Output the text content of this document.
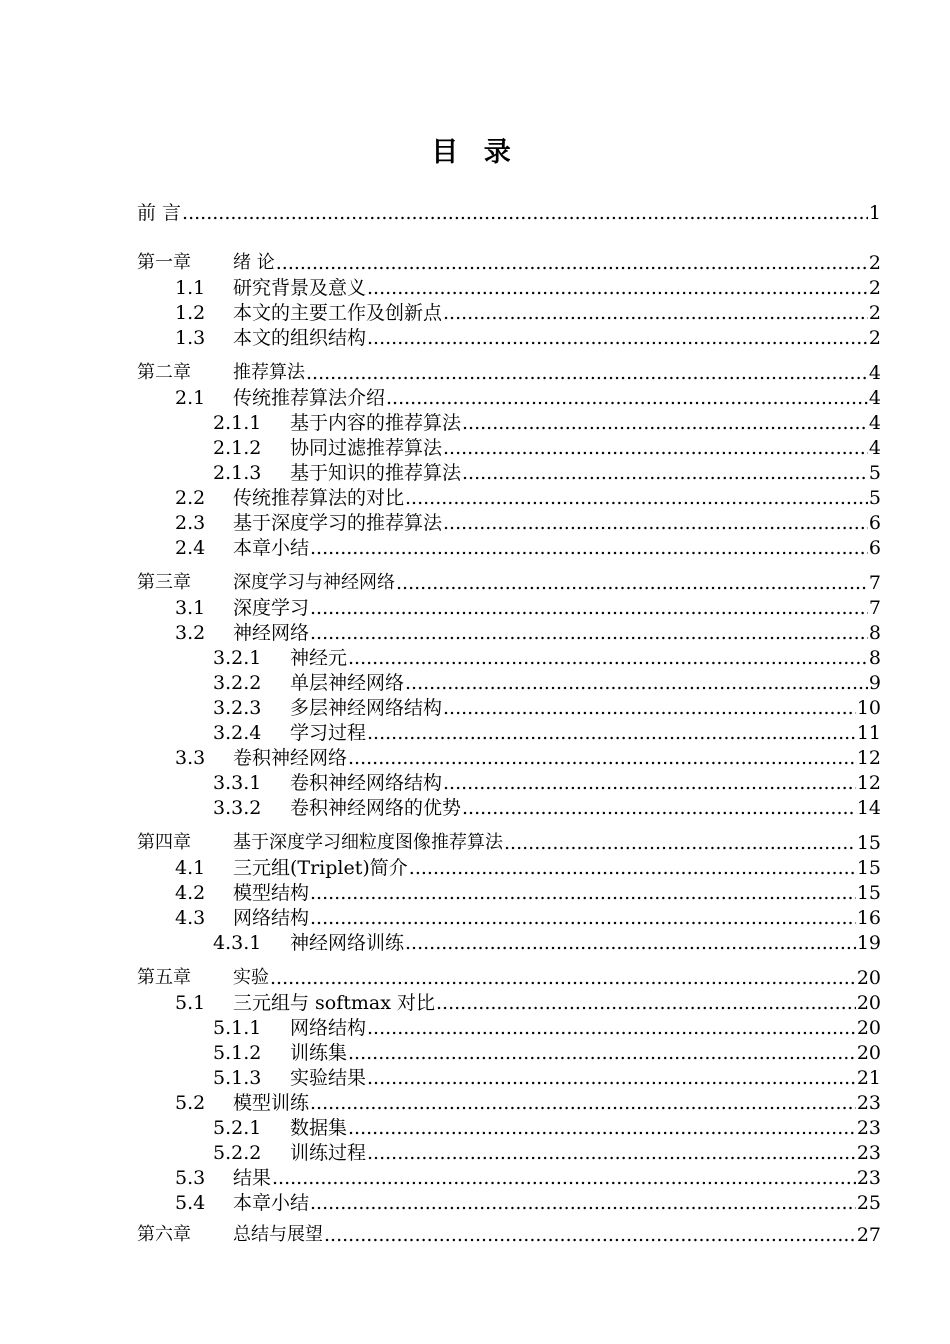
目 录
前 言 .....	1
第一章	绪 论 .....	2
1.1	研究背景及意义 .....	2
1.2	本文的主要工作及创新点 .....	2
1.3	本文的组织结构 .....	2
第二章	推荐算法 .....	4
2.1	传统推荐算法介绍 .....	4
2.1.1	基于内容的推荐算法 .....	4
2.1.2	协同过滤推荐算法 .....	4
2.1.3	基于知识的推荐算法 .....	5
2.2	传统推荐算法的对比 .....	5
2.3	基于深度学习的推荐算法 .....	6
2.4	本章小结 .....	6
第三章	深度学习与神经网络 .....	7
3.1	深度学习 .....	7
3.2	神经网络 .....	8
3.2.1	神经元 .....	8
3.2.2	单层神经网络 .....	9
3.2.3	多层神经网络结构 .....	10
3.2.4	学习过程 .....	11
3.3	卷积神经网络 .....	12
3.3.1	卷积神经网络结构 .....	12
3.3.2	卷积神经网络的优势 .....	14
第四章	基于深度学习细粒度图像推荐算法 .....	15
4.1	三元组(Triplet)简介 .....	15
4.2	模型结构 .....	15
4.3	网络结构 .....	16
4.3.1	神经网络训练 .....	19
第五章	实验 .....	20
5.1	三元组与 softmax 对比 .....	20
5.1.1	网络结构 .....	20
5.1.2	训练集 .....	20
5.1.3	实验结果 .....	21
5.2	模型训练 .....	23
5.2.1	数据集 .....	23
5.2.2	训练过程 .....	23
5.3	结果 .....	23
5.4	本章小结 .....	25
第六章	总结与展望 .....	27
